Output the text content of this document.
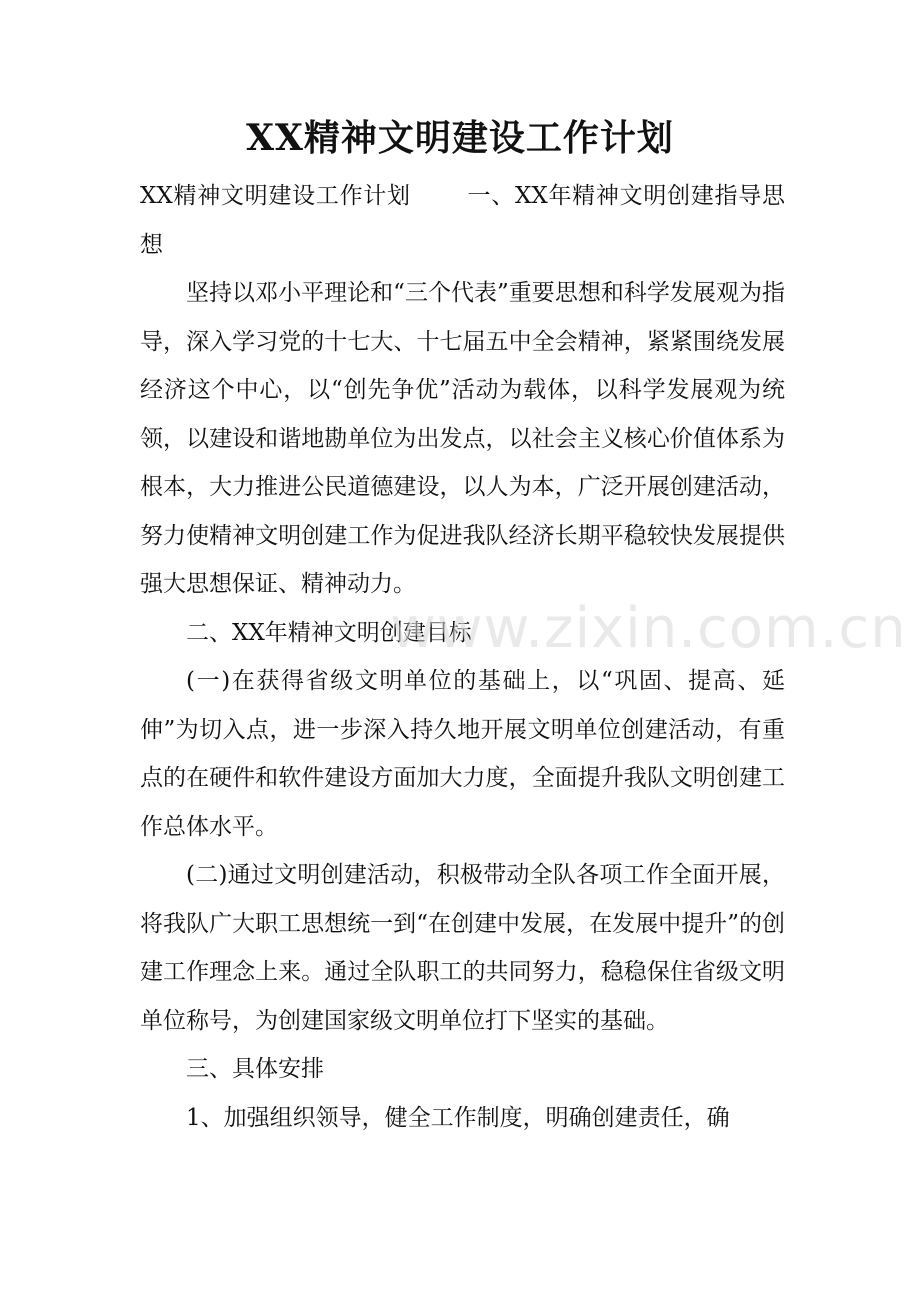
XX精神文明建设工作计划

XX精神文明建设工作计划 一、XX年精神文明创建指导思想

坚持以邓小平理论和“三个代表”重要思想和科学发展观为指导，深入学习党的十七大、十七届五中全会精神，紧紧围绕发展经济这个中心，以“创先争优”活动为载体，以科学发展观为统领，以建设和谐地勘单位为出发点，以社会主义核心价值体系为根本，大力推进公民道德建设，以人为本，广泛开展创建活动，努力使精神文明创建工作为促进我队经济长期平稳较快发展提供强大思想保证、精神动力。

二、XX年精神文明创建目标

(一)在获得省级文明单位的基础上，以“巩固、提高、延伸”为切入点，进一步深入持久地开展文明单位创建活动，有重点的在硬件和软件建设方面加大力度，全面提升我队文明创建工作总体水平。

(二)通过文明创建活动，积极带动全队各项工作全面开展，将我队广大职工思想统一到“在创建中发展，在发展中提升”的创建工作理念上来。通过全队职工的共同努力，稳稳保住省级文明单位称号，为创建国家级文明单位打下坚实的基础。

三、具体安排

1、加强组织领导，健全工作制度，明确创建责任，确

www.zixin.com.cn
